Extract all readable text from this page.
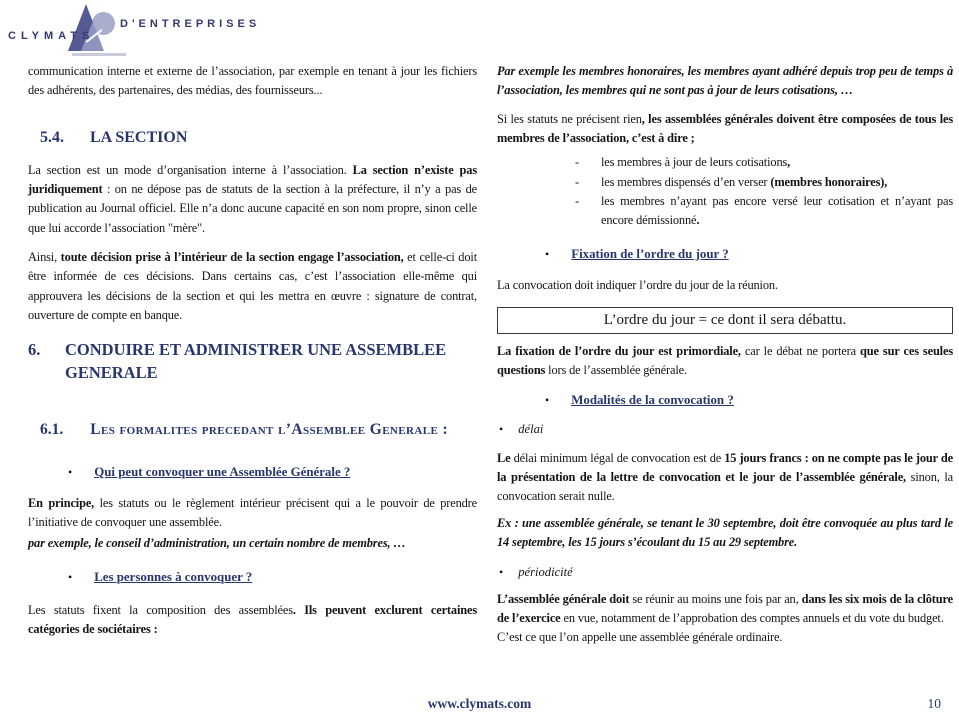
CLYMATS
D'ENTREPRISES

communication interne et externe de l’association, par exemple en tenant à jour les fichiers des adhérents, des partenaires, des médias, des fournisseurs...

5.4.	LA SECTION

La section est un mode d’organisation interne à l’association. La section n’existe pas juridiquement : on ne dépose pas de statuts de la section à la préfecture, il n’y a pas de publication au Journal officiel. Elle n’a donc aucune capacité en son nom propre, sinon celle que lui accorde l’association "mère".

Ainsi, toute décision prise à l’intérieur de la section engage l’association, et celle-ci doit être informée de ces décisions. Dans certains cas, c’est l’association elle-même qui approuvera les décisions de la section et qui les mettra en œuvre : signature de contrat, ouverture de compte en banque.

6.	CONDUIRE ET ADMINISTRER UNE ASSEMBLEE GENERALE
6.1. Les formalites precedant l’Assemblee Generale :
• Qui peut convoquer une Assemblée Générale ?

En principe, les statuts ou le règlement intérieur précisent qui a le pouvoir de prendre l’initiative de convoquer une assemblée.

par exemple, le conseil d’administration, un certain nombre de membres, …

• Les personnes à convoquer ?

Les statuts fixent la composition des assemblées. Ils peuvent exclurent certaines catégories de sociétaires :

Par exemple les membres honoraires, les membres ayant adhéré depuis trop peu de temps à l’association, les membres qui ne sont pas à jour de leurs cotisations, …

Si les statuts ne précisent rien, les assemblées générales doivent être composées de tous les membres de l’association, c’est à dire ;

-	les membres à jour de leurs cotisations,
-	les membres dispensés d’en verser (membres honoraires),
-	les membres n’ayant pas encore versé leur cotisation et n’ayant pas encore démissionné.
• Fixation de l’ordre du jour ?

La convocation doit indiquer l’ordre du jour de la réunion.

L’ordre du jour = ce dont il sera débattu.

La fixation de l’ordre du jour est primordiale, car le débat ne portera que sur ces seules questions lors de l’assemblée générale.

• Modalités de la convocation ?
• délai

Le délai minimum légal de convocation est de 15 jours francs : on ne compte pas le jour de la présentation de la lettre de convocation et le jour de l’assemblée générale, sinon, la convocation serait nulle.

Ex : une assemblée générale, se tenant le 30 septembre, doit être convoquée au plus tard le 14 septembre, les 15 jours s’écoulant du 15 au 29 septembre.

• périodicité

L’assemblée générale doit se réunir au moins une fois par an, dans les six mois de la clôture de l’exercice en vue, notamment de l’approbation des comptes annuels et du vote du budget.
C’est ce que l’on appelle une assemblée générale ordinaire.

www.clymats.com	10
